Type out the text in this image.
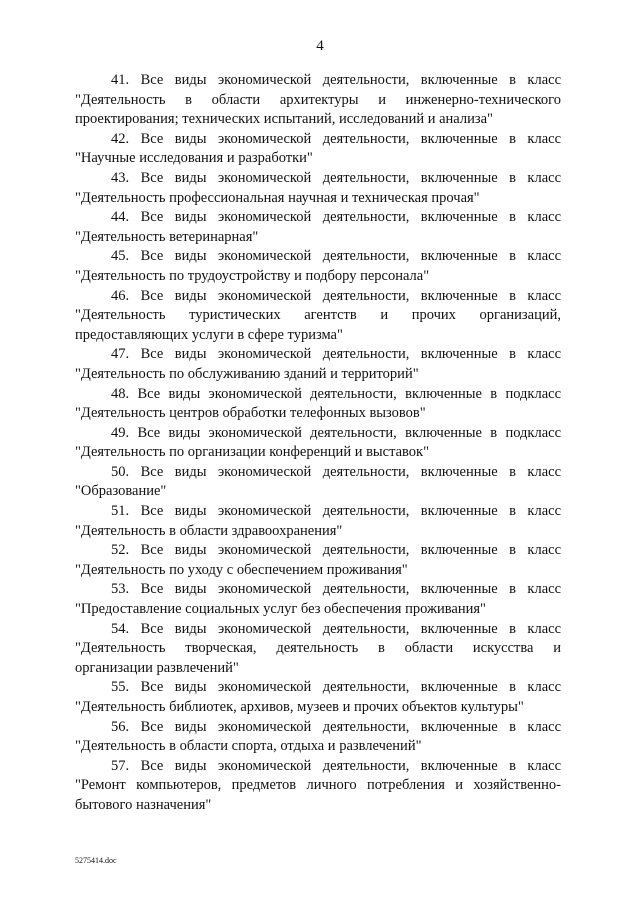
4

41. Все виды экономической деятельности, включенные в класс

"Деятельность в области архитектуры и инженерно-технического

проектирования; технических испытаний, исследований и анализа"

42. Все виды экономической деятельности, включенные в класс

"Научные исследования и разработки"

43. Все виды экономической деятельности, включенные в класс

"Деятельность профессиональная научная и техническая прочая"

44. Все виды экономической деятельности, включенные в класс

"Деятельность ветеринарная"

45. Все виды экономической деятельности, включенные в класс

"Деятельность по трудоустройству и подбору персонала"

46. Все виды экономической деятельности, включенные в класс

"Деятельность туристических агентств и прочих организаций,

предоставляющих услуги в сфере туризма"

47. Все виды экономической деятельности, включенные в класс

"Деятельность по обслуживанию зданий и территорий"

48. Все виды экономической деятельности, включенные в подкласс

"Деятельность центров обработки телефонных вызовов"

49. Все виды экономической деятельности, включенные в подкласс

"Деятельность по организации конференций и выставок"

50. Все виды экономической деятельности, включенные в класс

"Образование"

51. Все виды экономической деятельности, включенные в класс

"Деятельность в области здравоохранения"

52. Все виды экономической деятельности, включенные в класс

"Деятельность по уходу с обеспечением проживания"

53. Все виды экономической деятельности, включенные в класс

"Предоставление социальных услуг без обеспечения проживания"

54. Все виды экономической деятельности, включенные в класс

"Деятельность творческая, деятельность в области искусства и

организации развлечений"

55. Все виды экономической деятельности, включенные в класс

"Деятельность библиотек, архивов, музеев и прочих объектов культуры"

56. Все виды экономической деятельности, включенные в класс

"Деятельность в области спорта, отдыха и развлечений"

57. Все виды экономической деятельности, включенные в класс

"Ремонт компьютеров, предметов личного потребления и хозяйственно-

бытового назначения"

5275414.doc
